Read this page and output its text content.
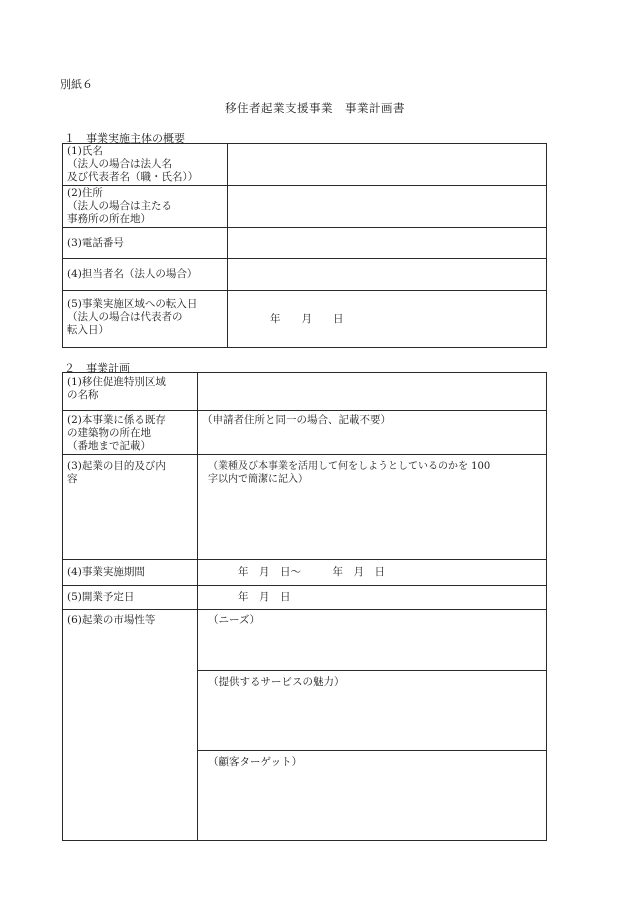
別紙６
移住者起業支援事業　事業計画書
１　事業実施主体の概要
(1)氏名
（法人の場合は法人名
及び代表者名（職・氏名））	
(2)住所
（法人の場合は主たる
事務所の所在地）	
(3)電話番号	
(4)担当者名（法人の場合）	
(5)事業実施区域への転入日
（法人の場合は代表者の
転入日）	年　　月　　日
２　事業計画
(1)移住促進特別区域
の名称	
(2)本事業に係る既存
の建築物の所在地
（番地まで記載）	（申請者住所と同一の場合、記載不要）
(3)起業の目的及び内
容	（業種及び本事業を活用して何をしようとしているのかを 100
字以内で簡潔に記入）
(4)事業実施期間	年　月　日～　　　年　月　日
(5)開業予定日	年　月　日
(6)起業の市場性等	（ニーズ）
	（提供するサービスの魅力）
	（顧客ターゲット）
